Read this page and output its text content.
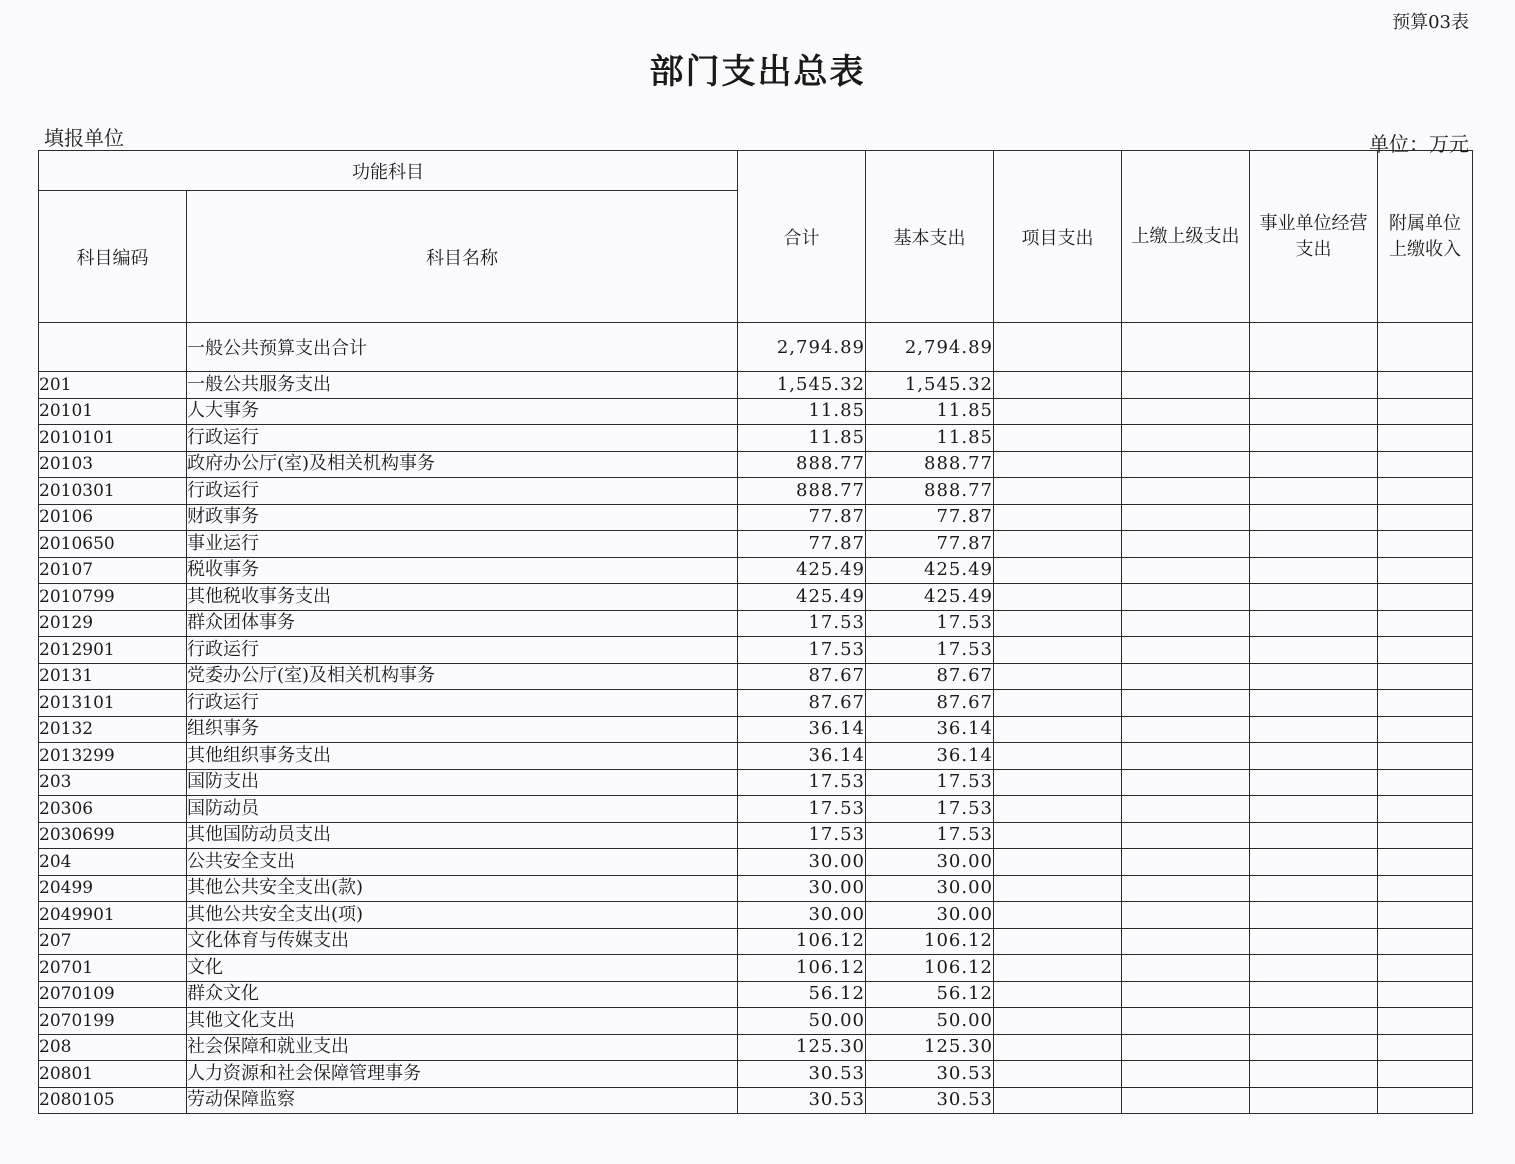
预算03表
部门支出总表
填报单位	单位：万元
功能科目		合计	基本支出	项目支出	上缴上级支出	事业单位经营支出	附属单位上缴收入
科目编码	科目名称						
	一般公共预算支出合计	2,794.89	2,794.89				
201	一般公共服务支出	1,545.32	1,545.32				
20101	人大事务	11.85	11.85				
2010101	行政运行	11.85	11.85				
20103	政府办公厅(室)及相关机构事务	888.77	888.77				
2010301	行政运行	888.77	888.77				
20106	财政事务	77.87	77.87				
2010650	事业运行	77.87	77.87				
20107	税收事务	425.49	425.49				
2010799	其他税收事务支出	425.49	425.49				
20129	群众团体事务	17.53	17.53				
2012901	行政运行	17.53	17.53				
20131	党委办公厅(室)及相关机构事务	87.67	87.67				
2013101	行政运行	87.67	87.67				
20132	组织事务	36.14	36.14				
2013299	其他组织事务支出	36.14	36.14				
203	国防支出	17.53	17.53				
20306	国防动员	17.53	17.53				
2030699	其他国防动员支出	17.53	17.53				
204	公共安全支出	30.00	30.00				
20499	其他公共安全支出(款)	30.00	30.00				
2049901	其他公共安全支出(项)	30.00	30.00				
207	文化体育与传媒支出	106.12	106.12				
20701	文化	106.12	106.12				
2070109	群众文化	56.12	56.12				
2070199	其他文化支出	50.00	50.00				
208	社会保障和就业支出	125.30	125.30				
20801	人力资源和社会保障管理事务	30.53	30.53				
2080105	劳动保障监察	30.53	30.53				
